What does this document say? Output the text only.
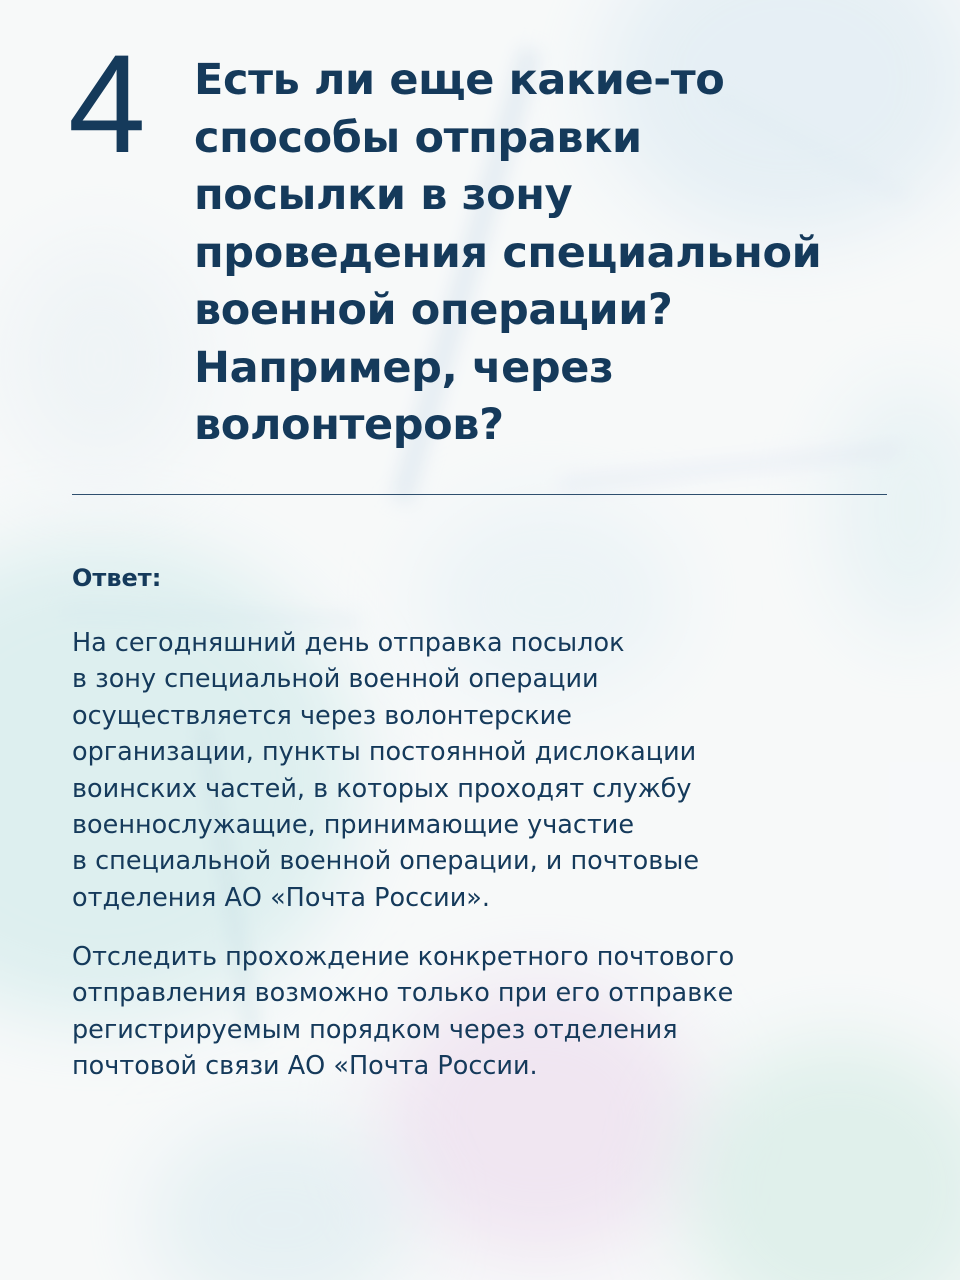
4 Есть ли еще какие-то
способы отправки
посылки в зону
проведения специальной
военной операции?
Например, через
волонтеров?
Ответ:

На сегодняшний день отправка посылок
в зону специальной военной операции
осуществляется через волонтерские
организации, пункты постоянной дислокации
воинских частей, в которых проходят службу
военнослужащие, принимающие участие
в специальной военной операции, и почтовые
отделения АО «Почта России».

Отследить прохождение конкретного почтового
отправления возможно только при его отправке
регистрируемым порядком через отделения
почтовой связи АО «Почта России.
